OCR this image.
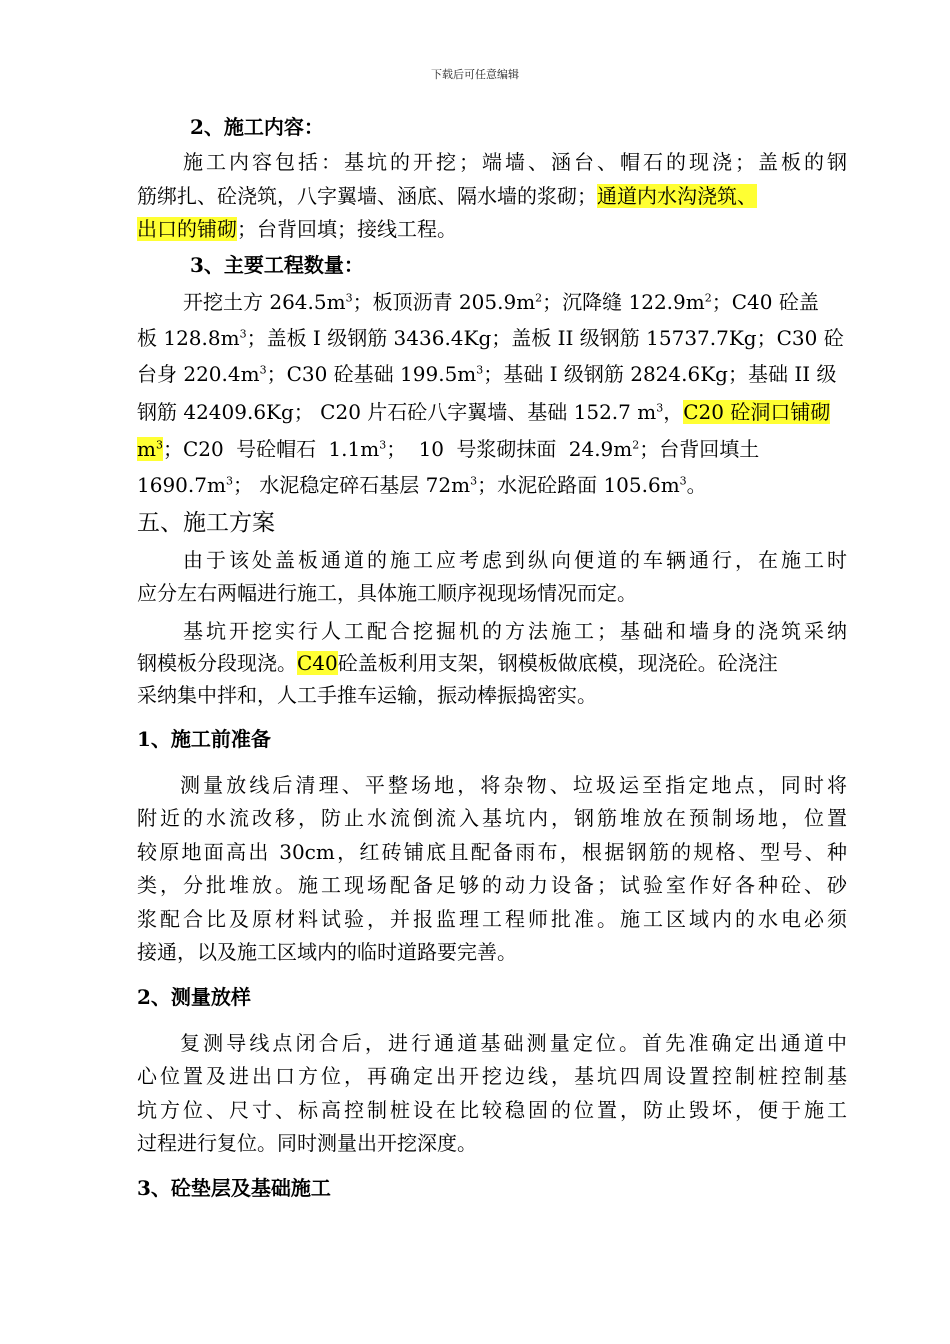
下载后可任意编辑
2、施工内容：
施工内容包括：基坑的开挖；端墙、涵台、帽石的现浇；盖板的钢
筋绑扎、砼浇筑，八字翼墙、涵底、隔水墙的浆砌；通道内水沟浇筑、
出口的铺砌；台背回填；接线工程。
3、主要工程数量：
开挖土方 $264.5m^3$；板顶沥青 $205.9m^2$；沉降缝 $122.9m^2$；C40 砼盖
板 $128.8m^3$；盖板 I 级钢筋 3436.4Kg；盖板 II 级钢筋 15737.7Kg；C30 砼
台身 $220.4m^3$；C30 砼基础 $199.5m^3$；基础 I 级钢筋 2824.6Kg；基础 II 级
钢筋 42409.6Kg； C20 片石砼八字翼墙、基础 152.7 $m^3$，C20 砼洞口铺砌
$m^3$；C20 号砼帽石 $1.1m^3$； 10 号浆砌抹面 $24.9m^2$；台背回填土
$1690.7m^3$； 水泥稳定碎石基层 $72m^3$；水泥砼路面 $105.6m^3$。
五、施工方案
由于该处盖板通道的施工应考虑到纵向便道的车辆通行，在施工时
应分左右两幅进行施工，具体施工顺序视现场情况而定。
基坑开挖实行人工配合挖掘机的方法施工；基础和墙身的浇筑采纳
钢模板分段现浇。C40砼盖板利用支架，钢模板做底模，现浇砼。砼浇注
采纳集中拌和，人工手推车运输，振动棒振捣密实。
1、施工前准备
测量放线后清理、平整场地，将杂物、垃圾运至指定地点，同时将
附近的水流改移，防止水流倒流入基坑内，钢筋堆放在预制场地，位置
较原地面高出 30cm，红砖铺底且配备雨布，根据钢筋的规格、型号、种
类，分批堆放。施工现场配备足够的动力设备；试验室作好各种砼、砂
浆配合比及原材料试验，并报监理工程师批准。施工区域内的水电必须
接通，以及施工区域内的临时道路要完善。
2、测量放样
复测导线点闭合后，进行通道基础测量定位。首先准确定出通道中
心位置及进出口方位，再确定出开挖边线，基坑四周设置控制桩控制基
坑方位、尺寸、标高控制桩设在比较稳固的位置，防止毁坏，便于施工
过程进行复位。同时测量出开挖深度。
3、砼垫层及基础施工
